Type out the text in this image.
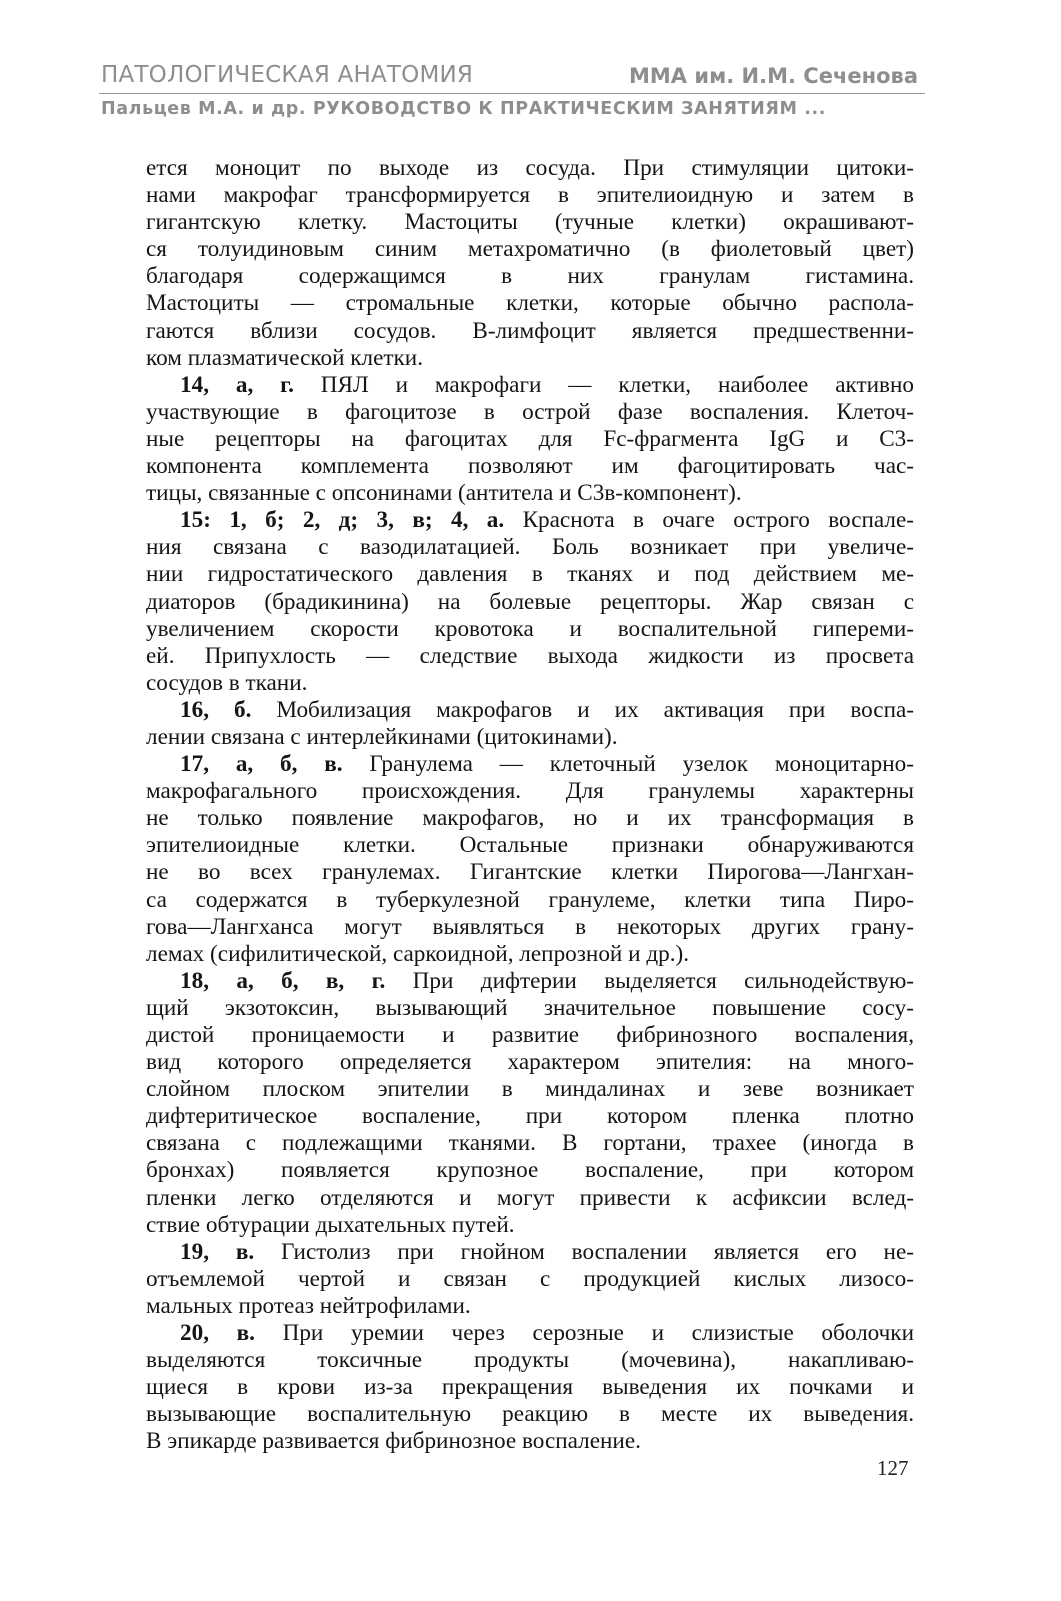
ПАТОЛОГИЧЕСКАЯ АНАТОМИЯ	ММА им. И.М. Сеченова
Пальцев М.А. и др. РУКОВОДСТВО К ПРАКТИЧЕСКИМ ЗАНЯТИЯМ ...
ется моноцит по выходе из сосуда. При стимуляции цитоки-
нами макрофаг трансформируется в эпителиоидную и затем в
гигантскую клетку. Мастоциты (тучные клетки) окрашивают-
ся толуидиновым синим метахроматично (в фиолетовый цвет)
благодаря содержащимся в них гранулам гистамина.
Мастоциты — стромальные клетки, которые обычно распола-
гаются вблизи сосудов. В-лимфоцит является предшественни-
ком плазматической клетки.
14, а, г. ПЯЛ и макрофаги — клетки, наиболее активно
участвующие в фагоцитозе в острой фазе воспаления. Клеточ-
ные рецепторы на фагоцитах для Fc-фрагмента IgG и С3-
компонента комплемента позволяют им фагоцитировать час-
тицы, связанные с опсонинами (антитела и С3в-компонент).
15: 1, б; 2, д; 3, в; 4, а. Краснота в очаге острого воспале-
ния связана с вазодилатацией. Боль возникает при увеличе-
нии гидростатического давления в тканях и под действием ме-
диаторов (брадикинина) на болевые рецепторы. Жар связан с
увеличением скорости кровотока и воспалительной гипереми-
ей. Припухлость — следствие выхода жидкости из просвета
сосудов в ткани.
16, б. Мобилизация макрофагов и их активация при воспа-
лении связана с интерлейкинами (цитокинами).
17, а, б, в. Гранулема — клеточный узелок моноцитарно-
макрофагального происхождения. Для гранулемы характерны
не только появление макрофагов, но и их трансформация в
эпителиоидные клетки. Остальные признаки обнаруживаются
не во всех гранулемах. Гигантские клетки Пирогова—Лангхан-
са содержатся в туберкулезной гранулеме, клетки типа Пиро-
гова—Лангханса могут выявляться в некоторых других грану-
лемах (сифилитической, саркоидной, лепрозной и др.).
18, а, б, в, г. При дифтерии выделяется сильнодействую-
щий экзотоксин, вызывающий значительное повышение сосу-
дистой проницаемости и развитие фибринозного воспаления,
вид которого определяется характером эпителия: на много-
слойном плоском эпителии в миндалинах и зеве возникает
дифтеритическое воспаление, при котором пленка плотно
связана с подлежащими тканями. В гортани, трахее (иногда в
бронхах) появляется крупозное воспаление, при котором
пленки легко отделяются и могут привести к асфиксии вслед-
ствие обтурации дыхательных путей.
19, в. Гистолиз при гнойном воспалении является его не-
отъемлемой чертой и связан с продукцией кислых лизосо-
мальных протеаз нейтрофилами.
20, в. При уремии через серозные и слизистые оболочки
выделяются токсичные продукты (мочевина), накапливаю-
щиеся в крови из-за прекращения выведения их почками и
вызывающие воспалительную реакцию в месте их выведения.
В эпикарде развивается фибринозное воспаление.
127
